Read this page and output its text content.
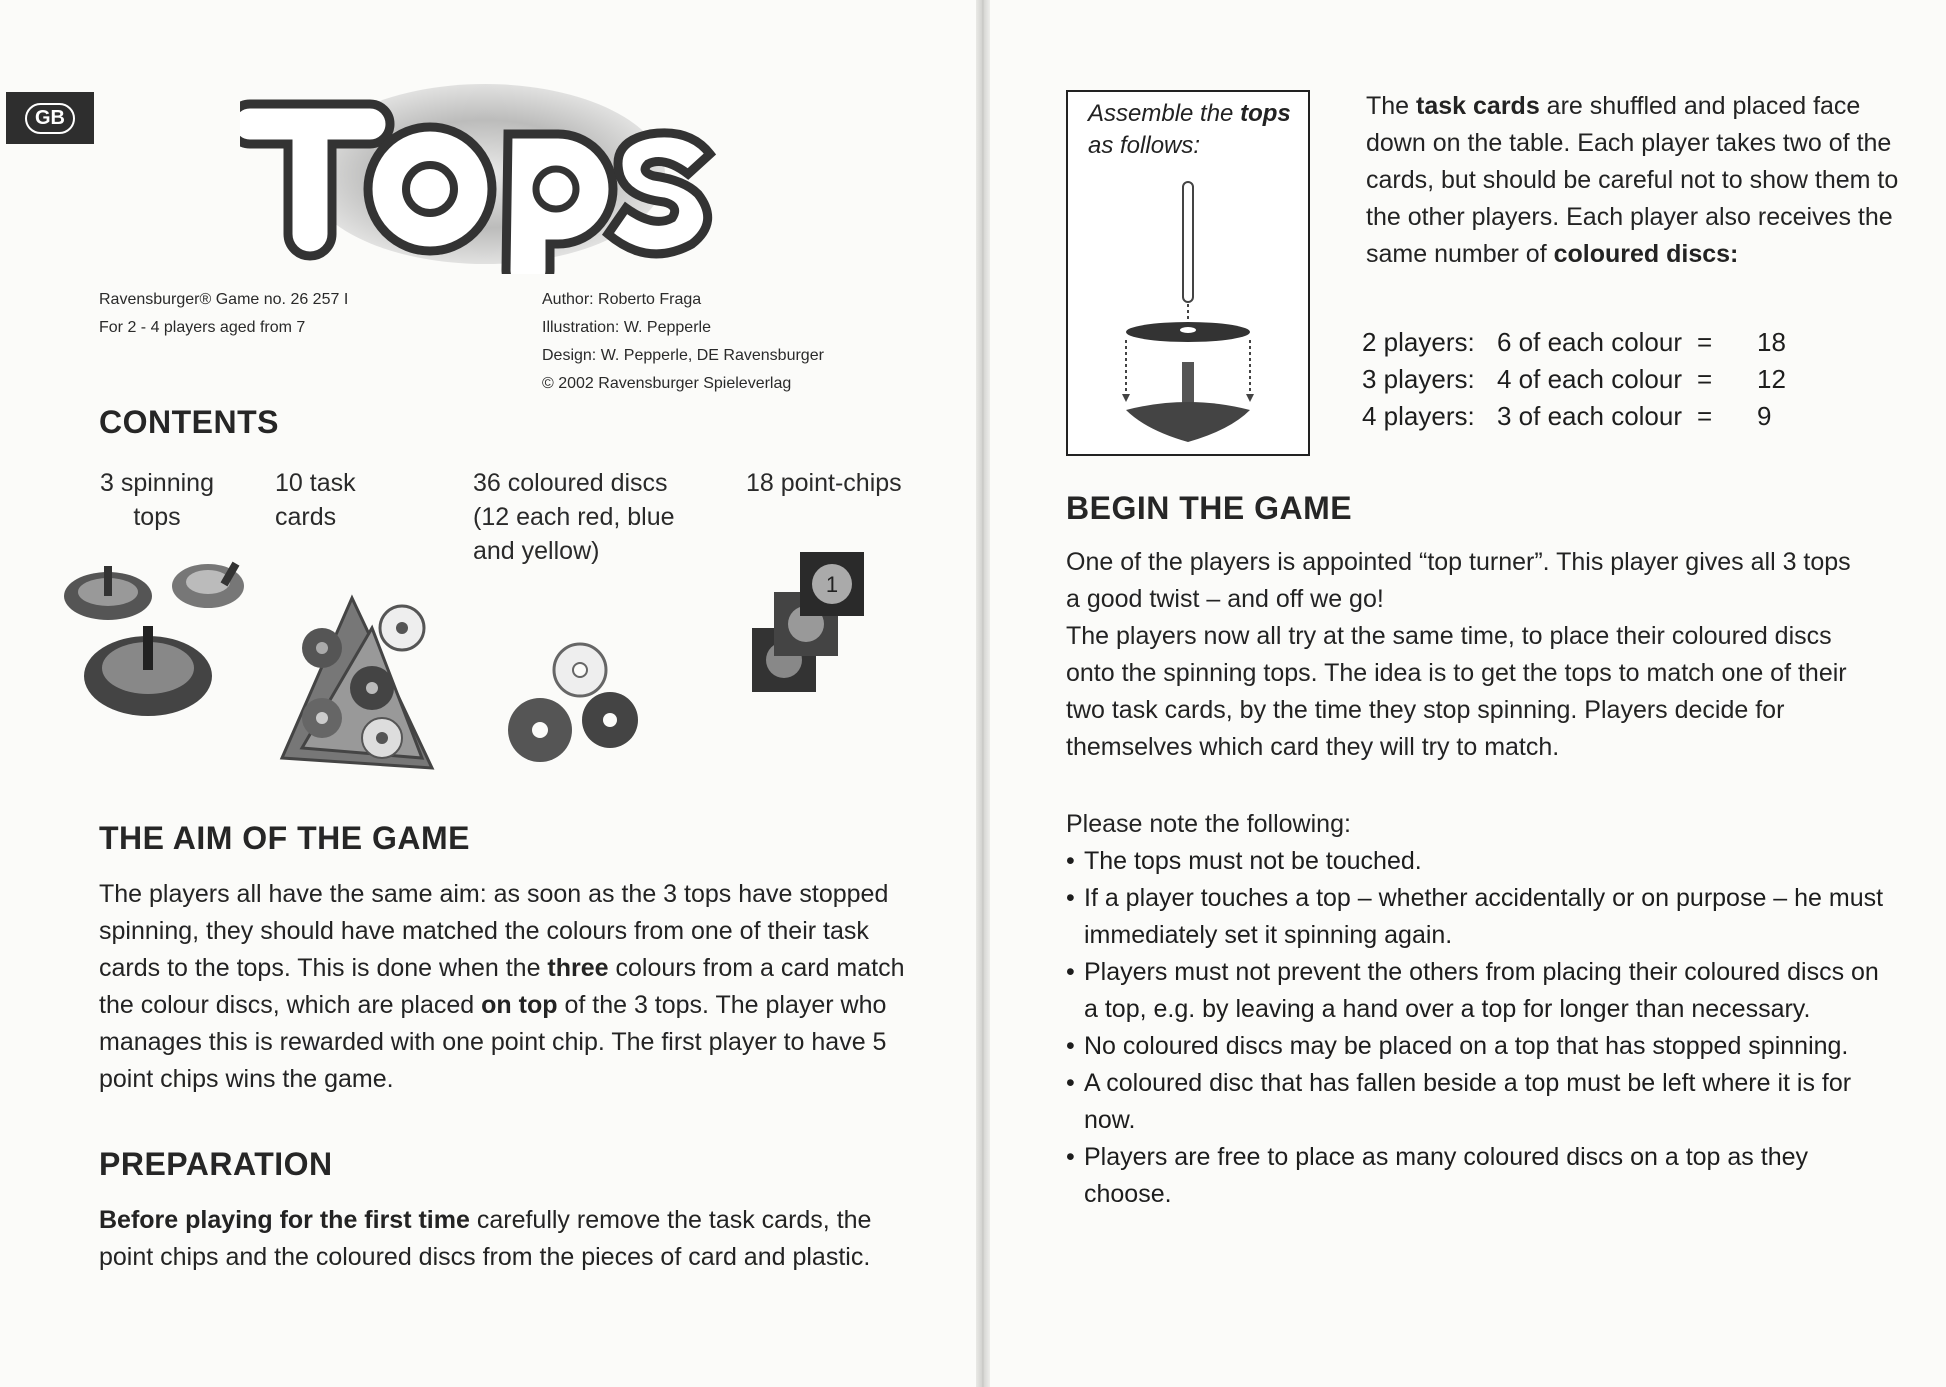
GB
Ravensburger® Game no. 26 257 I
For 2 - 4 players aged from 7
Author: Roberto Fraga
Illustration: W. Pepperle
Design: W. Pepperle, DE Ravensburger
© 2002 Ravensburger Spieleverlag
CONTENTS
3 spinning
tops
10 task
cards
36 coloured discs
(12 each red, blue
and yellow)
18 point-chips
1
THE AIM OF THE GAME
The players all have the same aim: as soon as the 3 tops have stopped spinning, they should have matched the colours from one of their task cards to the tops. This is done when the three colours from a card match the colour discs, which are placed on top of the 3 tops. The player who manages this is rewarded with one point chip. The first player to have 5 point chips wins the game.
PREPARATION
Before playing for the first time carefully remove the task cards, the point chips and the coloured discs from the pieces of card and plastic.
Assemble the tops
as follows:
The task cards are shuffled and placed face down on the table. Each player takes two of the cards, but should be careful not to show them to the other players. Each player also receives the same number of coloured discs:
2 players: 6 of each colour =	18
3 players: 4 of each colour =	12
4 players: 3 of each colour =	9
BEGIN THE GAME
One of the players is appointed “top turner”. This player gives all 3 tops a good twist – and off we go!
The players now all try at the same time, to place their coloured discs onto the spinning tops. The idea is to get the tops to match one of their two task cards, by the time they stop spinning. Players decide for themselves which card they will try to match.
Please note the following:
• The tops must not be touched.
• If a player touches a top – whether accidentally or on purpose – he must immediately set it spinning again.
• Players must not prevent the others from placing their coloured discs on a top, e.g. by leaving a hand over a top for longer than necessary.
• No coloured discs may be placed on a top that has stopped spinning.
• A coloured disc that has fallen beside a top must be left where it is for now.
• Players are free to place as many coloured discs on a top as they choose.
